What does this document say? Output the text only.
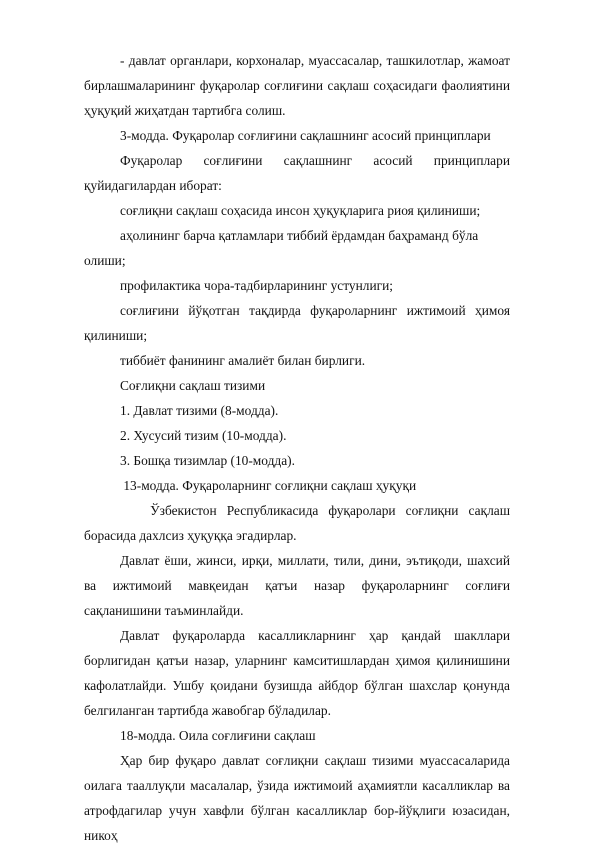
- давлат органлари, корхоналар, муассасалар, ташкилотлар, жамоат бирлашмаларининг фуқаролар соғлиғини сақлаш соҳасидаги фаолиятини ҳуқуқий жиҳатдан тартибга солиш.

3-модда. Фуқаролар соғлиғини сақлашнинг асосий принциплари

Фуқаролар соғлиғини сақлашнинг асосий принциплари қуйидагилардан иборат:

соғлиқни сақлаш соҳасида инсон ҳуқуқларига риоя қилиниши;

аҳолининг барча қатламлари тиббий ёрдамдан баҳраманд бўла олиши;

профилактика чора-тадбирларининг устунлиги;

соғлиғини йўқотган тақдирда фуқароларнинг ижтимоий ҳимоя қилиниши;

тиббиёт фанининг амалиёт билан бирлиги.

Соғлиқни сақлаш тизими

1. Давлат тизими (8-модда).

2. Хусусий тизим (10-модда).

3. Бошқа тизимлар (10-модда).

13-модда. Фуқароларнинг соғлиқни сақлаш ҳуқуқи

Ўзбекистон Республикасида фуқаролари соғлиқни сақлаш борасида дахлсиз ҳуқуққа эгадирлар.

Давлат ёши, жинси, ирқи, миллати, тили, дини, эътиқоди, шахсий ва ижтимоий мавқеидан қатъи назар фуқароларнинг соғлиғи сақланишини таъминлайди.

Давлат фуқароларда касалликларнинг ҳар қандай шакллари борлигидан қатъи назар, уларнинг камситишлардан ҳимоя қилинишини кафолатлайди. Ушбу қоидани бузишда айбдор бўлган шахслар қонунда белгиланган тартибда жавобгар бўладилар.

18-модда. Оила соғлиғини сақлаш

Ҳар бир фуқаро давлат соғлиқни сақлаш тизими муассасаларида оилага тааллуқли масалалар, ўзида ижтимоий аҳамиятли касалликлар ва атрофдагилар учун хавфли бўлган касалликлар бор-йўқлиги юзасидан, никоҳ
